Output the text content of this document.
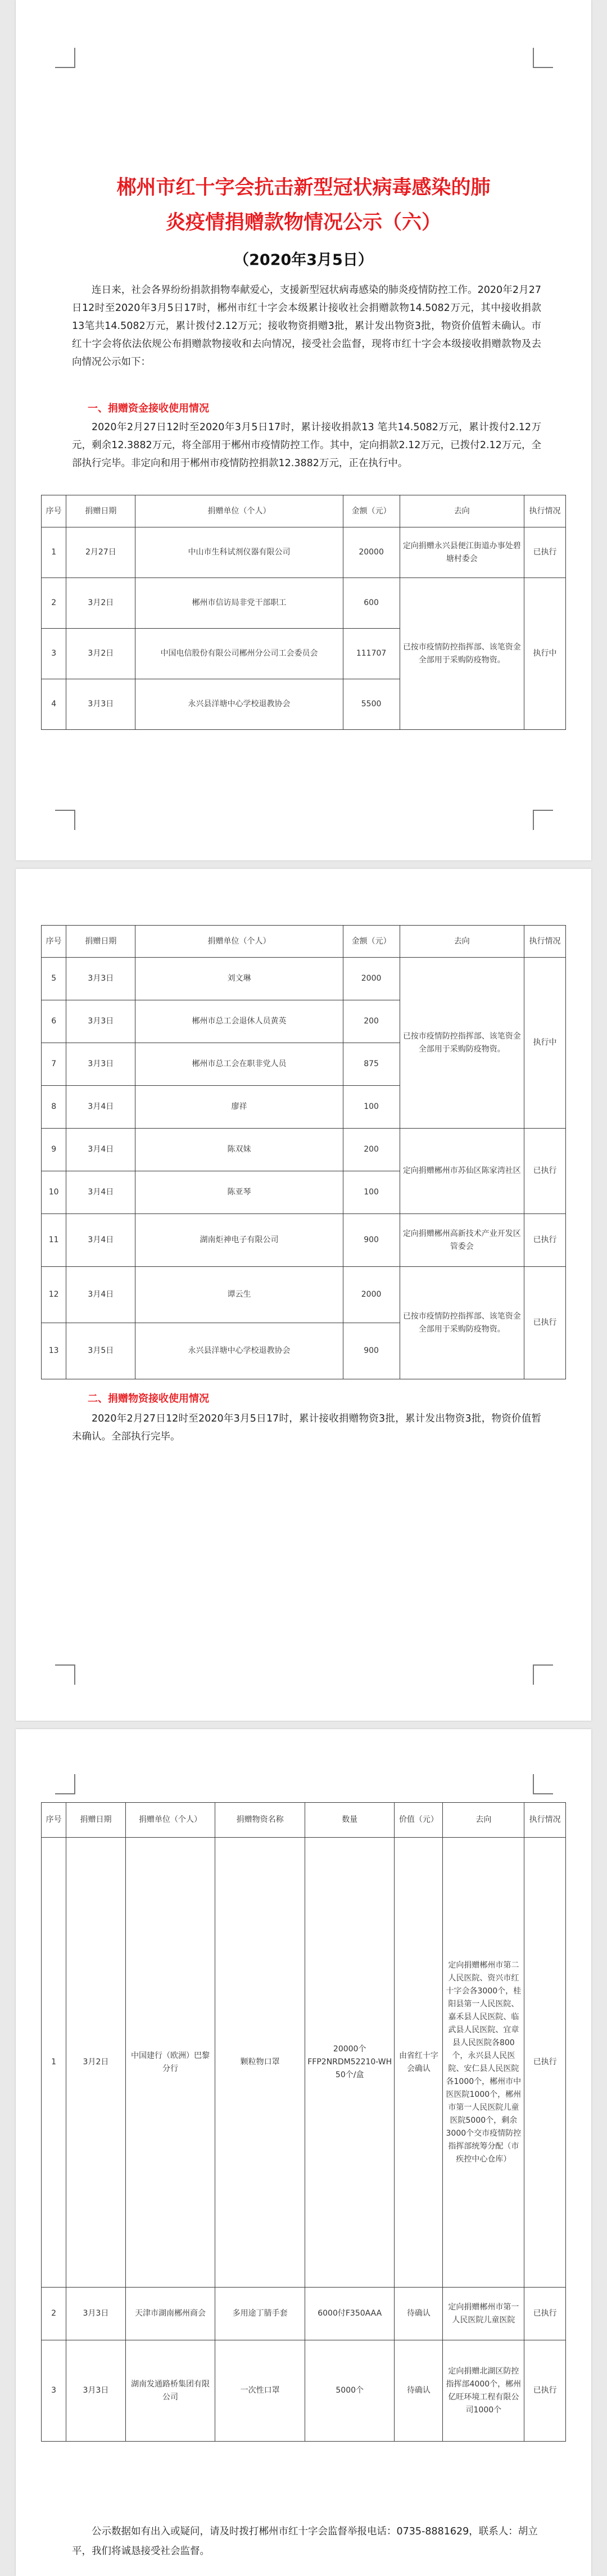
郴州市红十字会抗击新型冠状病毒感染的肺
炎疫情捐赠款物情况公示（六）
（2020年3月5日）

连日来，社会各界纷纷捐款捐物奉献爱心，支援新型冠状病毒感染的肺炎疫情防控工作。2020年2月27日12时至2020年3月5日17时，郴州市红十字会本级累计接收社会捐赠款物14.5082万元，其中接收捐款13笔共14.5082万元，累计拨付2.12万元；接收物资捐赠3批，累计发出物资3批，物资价值暂未确认。市红十字会将依法依规公布捐赠款物接收和去向情况，接受社会监督，现将市红十字会本级接收捐赠款物及去向情况公示如下：

一、捐赠资金接收使用情况

2020年2月27日12时至2020年3月5日17时，累计接收捐款13 笔共14.5082万元，累计拨付2.12万元，剩余12.3882万元，将全部用于郴州市疫情防控工作。其中，定向捐款2.12万元，已拨付2.12万元，全部执行完毕。非定向和用于郴州市疫情防控捐款12.3882万元，正在执行中。

序号	捐赠日期	捐赠单位（个人）	金额（元）	去向	执行情况
1	2月27日	中山市生科试剂仪器有限公司	20000	定向捐赠永兴县便江街道办事处碧塘村委会	已执行
2	3月2日	郴州市信访局非党干部职工	600	已按市疫情防控指挥部、该笔资金全部用于采购防疫物资。	执行中
3	3月2日	中国电信股份有限公司郴州分公司工会委员会	111707		
4	3月3日	永兴县洋塘中心学校退教协会	5500		
序号	捐赠日期	捐赠单位（个人）	金额（元）	去向	执行情况
5	3月3日	刘文琳	2000	已按市疫情防控指挥部、该笔资金全部用于采购防疫物资。	执行中
6	3月3日	郴州市总工会退休人员黄英	200		
7	3月3日	郴州市总工会在职非党人员	875		
8	3月4日	廖祥	100		
9	3月4日	陈双妹	200	定向捐赠郴州市苏仙区陈家湾社区	已执行
10	3月4日	陈亚琴	100		
11	3月4日	湖南炬神电子有限公司	900	定向捐赠郴州高新技术产业开发区管委会	已执行
12	3月4日	谭云生	2000	已按市疫情防控指挥部、该笔资金全部用于采购防疫物资。	已执行
13	3月5日	永兴县洋塘中心学校退教协会	900		
二、捐赠物资接收使用情况

2020年2月27日12时至2020年3月5日17时，累计接收捐赠物资3批，累计发出物资3批，物资价值暂未确认。全部执行完毕。

序号	捐赠日期	捐赠单位（个人）	捐赠物资名称	数量	价值（元）	去向	执行情况
1	3月2日	中国建行（欧洲）巴黎分行	颗粒物口罩	20000个FFP2NRDM52210-WH 50个/盒	由省红十字会确认	定向捐赠郴州市第二人民医院、资兴市红十字会各3000个，桂阳县第一人民医院、嘉禾县人民医院、临武县人民医院、宜章县人民医院各800个，永兴县人民医院、安仁县人民医院各1000个，郴州市中医医院1000个，郴州市第一人民医院儿童医院5000个，剩余3000个交市疫情防控指挥部统筹分配（市疾控中心仓库）	已执行
2	3月3日	天津市湖南郴州商会	多用途丁腈手套	6000付F350AAA	待确认	定向捐赠郴州市第一人民医院儿童医院	已执行
3	3月3日	湖南发通路桥集团有限公司	一次性口罩	5000个	待确认	定向捐赠北湖区防控指挥部4000个，郴州亿旺环境工程有限公司1000个	已执行

公示数据如有出入或疑问，请及时拨打郴州市红十字会监督举报电话：0735-8881629，联系人：胡立平，我们将诚恳接受社会监督。
